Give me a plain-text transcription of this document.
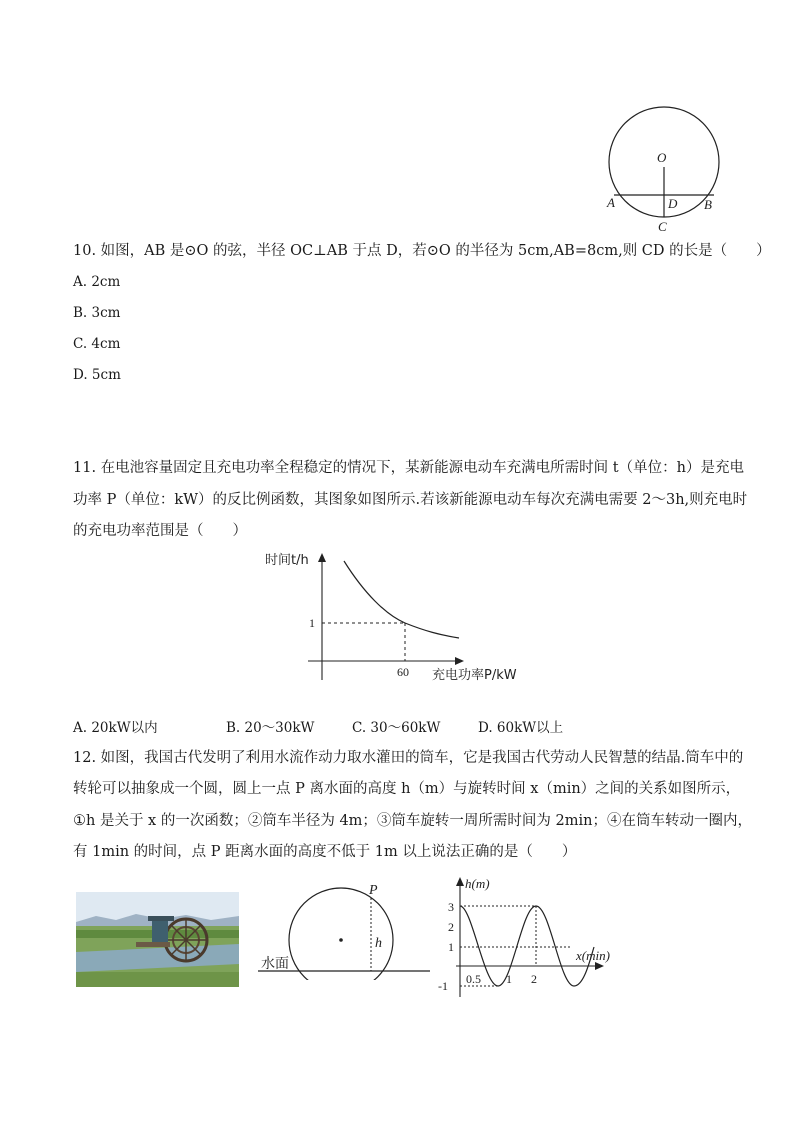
O
A	D B
C
10. 如图，AB 是⊙O 的弦，半径 OC⊥AB 于点 D，若⊙O 的半径为 5cm,AB=8cm,则 CD 的长是（　　）
A. 2cm
B. 3cm
C. 4cm
D. 5cm
11. 在电池容量固定且充电功率全程稳定的情况下，某新能源电动车充满电所需时间 t（单位：h）是充电
功率 P（单位：kW）的反比例函数，其图象如图所示.若该新能源电动车每次充满电需要 2～3h,则充电时
的充电功率范围是（　　）
时间t/h
充电功率P/kW
1
60
A. 20kW以内	B. 20～30kW	C. 30～60kW	D. 60kW以上
12. 如图，我国古代发明了利用水流作动力取水灌田的筒车，它是我国古代劳动人民智慧的结晶.筒车中的
转轮可以抽象成一个圆，圆上一点 P 离水面的高度 h（m）与旋转时间 x（min）之间的关系如图所示，
①h 是关于 x 的一次函数；②筒车半径为 4m；③筒车旋转一周所需时间为 2min；④在筒车转动一圈内，
有 1min 的时间，点 P 距离水面的高度不低于 1m 以上说法正确的是（　　）
P
h
水面
h(m)
x(min)
3
2
1
-1 0.5 1 2
